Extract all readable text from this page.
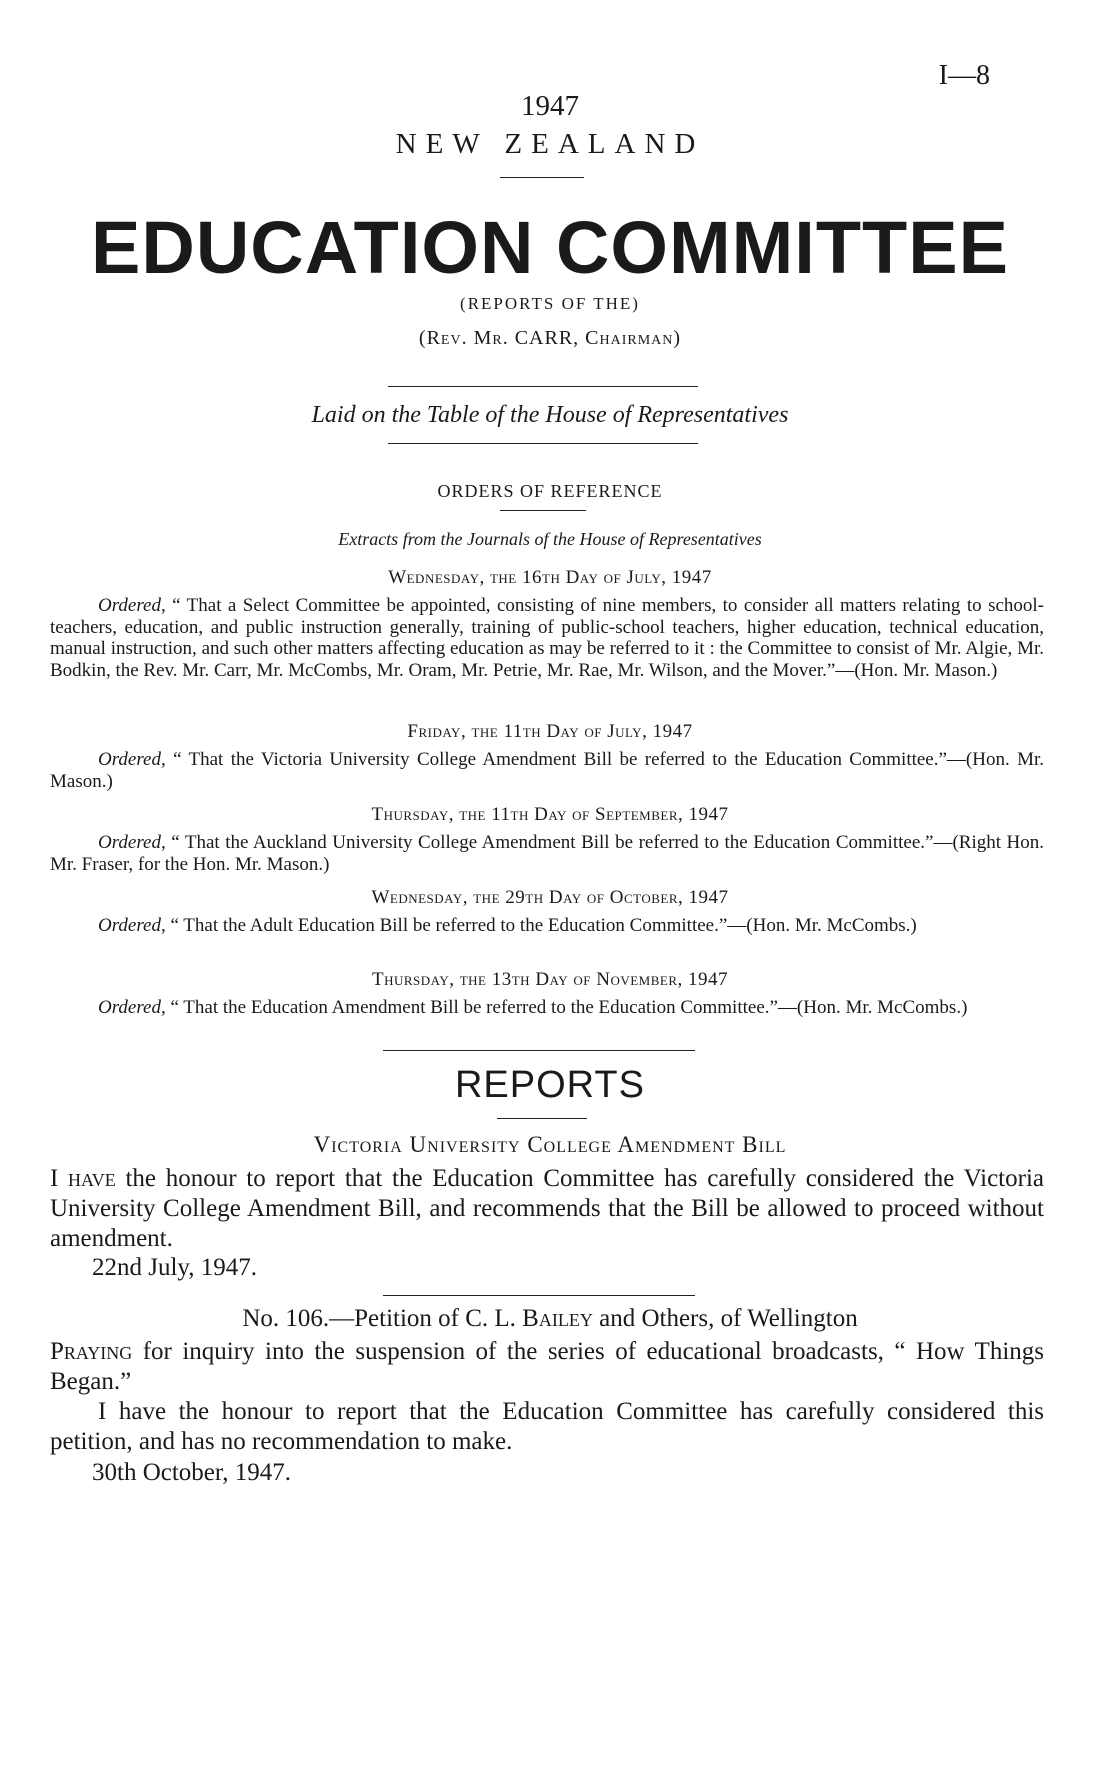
I—8
1947
NEW ZEALAND
EDUCATION COMMITTEE
(REPORTS OF THE)
(Rev. Mr. CARR, Chairman)
Laid on the Table of the House of Representatives
ORDERS OF REFERENCE
Extracts from the Journals of the House of Representatives
Wednesday, the 16th Day of July, 1947
Ordered, “ That a Select Committee be appointed, consisting of nine members, to consider all matters relating to school-teachers, education, and public instruction generally, training of public-school teachers, higher education, technical education, manual instruction, and such other matters affecting education as may be referred to it : the Committee to consist of Mr. Algie, Mr. Bodkin, the Rev. Mr. Carr, Mr. McCombs, Mr. Oram, Mr. Petrie, Mr. Rae, Mr. Wilson, and the Mover.”—(Hon. Mr. Mason.)
Friday, the 11th Day of July, 1947
Ordered, “ That the Victoria University College Amendment Bill be referred to the Education Committee.”—(Hon. Mr. Mason.)
Thursday, the 11th Day of September, 1947
Ordered, “ That the Auckland University College Amendment Bill be referred to the Education Committee.”—(Right Hon. Mr. Fraser, for the Hon. Mr. Mason.)
Wednesday, the 29th Day of October, 1947
Ordered, “ That the Adult Education Bill be referred to the Education Committee.”—(Hon. Mr. McCombs.)
Thursday, the 13th Day of November, 1947
Ordered, “ That the Education Amendment Bill be referred to the Education Committee.”—(Hon. Mr. McCombs.)
REPORTS
Victoria University College Amendment Bill
I have the honour to report that the Education Committee has carefully considered the Victoria University College Amendment Bill, and recommends that the Bill be allowed to proceed without amendment.
22nd July, 1947.
No. 106.—Petition of C. L. Bailey and Others, of Wellington
Praying for inquiry into the suspension of the series of educational broadcasts, “ How Things Began.”
I have the honour to report that the Education Committee has carefully considered this petition, and has no recommendation to make.
30th October, 1947.
